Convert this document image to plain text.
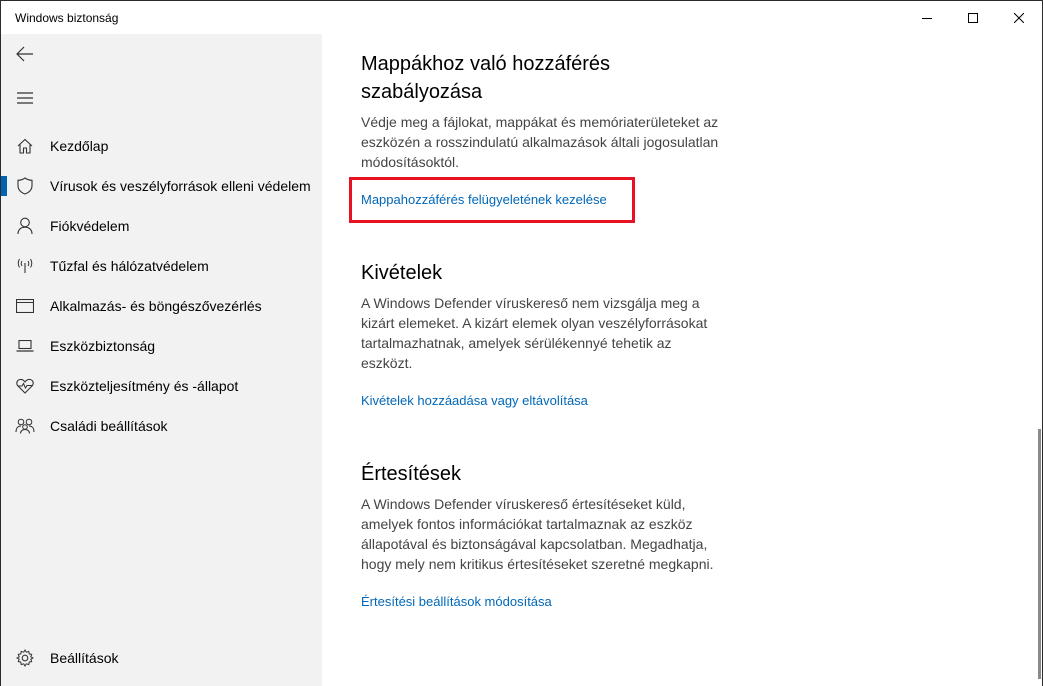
Windows biztonság
Kezdőlap
Vírusok és veszélyforrások elleni védelem
Fiókvédelem
Tűzfal és hálózatvédelem
Alkalmazás- és böngészővezérlés
Eszközbiztonság
Eszközteljesítmény és -állapot
Családi beállítások
Beállítások
Mappákhoz való hozzáférés szabályozása

Védje meg a fájlokat, mappákat és memóriaterületeket az eszközén a rosszindulatú alkalmazások általi jogosulatlan módosításoktól.

Mappahozzáférés felügyeletének kezelése
Kivételek

A Windows Defender víruskereső nem vizsgálja meg a kizárt elemeket. A kizárt elemek olyan veszélyforrásokat tartalmazhatnak, amelyek sérülékennyé tehetik az eszközt.

Kivételek hozzáadása vagy eltávolítása
Értesítések

A Windows Defender víruskereső értesítéseket küld, amelyek fontos információkat tartalmaznak az eszköz állapotával és biztonságával kapcsolatban. Megadhatja, hogy mely nem kritikus értesítéseket szeretné megkapni.

Értesítési beállítások módosítása
